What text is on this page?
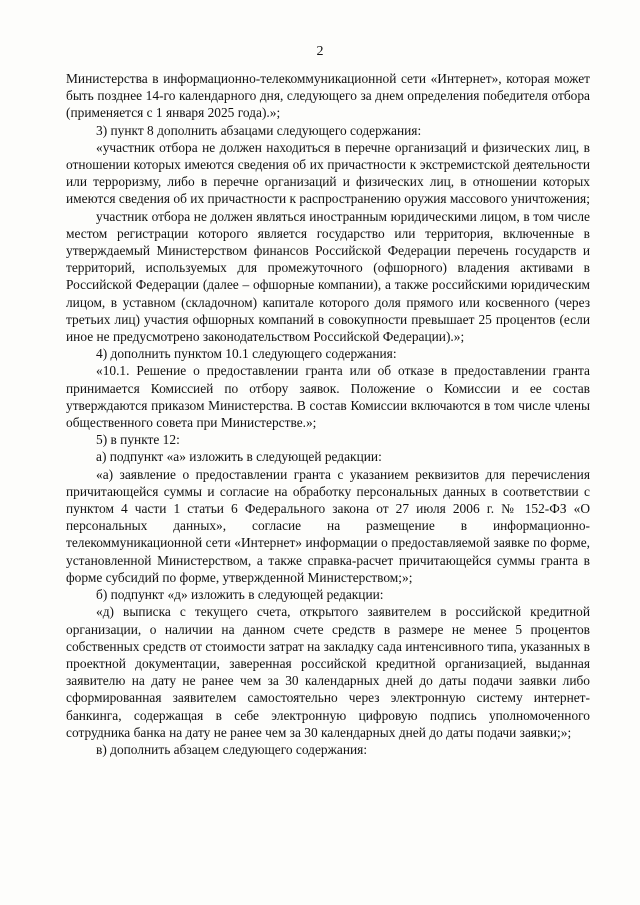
2

Министерства в информационно-телекоммуникационной сети «Интернет», которая может быть позднее 14-го календарного дня, следующего за днем определения победителя отбора (применяется с 1 января 2025 года).»;

3) пункт 8 дополнить абзацами следующего содержания:

«участник отбора не должен находиться в перечне организаций и физических лиц, в отношении которых имеются сведения об их причастности к экстремистской деятельности или терроризму, либо в перечне организаций и физических лиц, в отношении которых имеются сведения об их причастности к распространению оружия массового уничтожения;

участник отбора не должен являться иностранным юридическими лицом, в том числе местом регистрации которого является государство или территория, включенные в утверждаемый Министерством финансов Российской Федерации перечень государств и территорий, используемых для промежуточного (офшорного) владения активами в Российской Федерации (далее – офшорные компании), а также российскими юридическим лицом, в уставном (складочном) капитале которого доля прямого или косвенного (через третьих лиц) участия офшорных компаний в совокупности превышает 25 процентов (если иное не предусмотрено законодательством Российской Федерации).»;

4) дополнить пунктом 10.1 следующего содержания:

«10.1. Решение о предоставлении гранта или об отказе в предоставлении гранта принимается Комиссией по отбору заявок. Положение о Комиссии и ее состав утверждаются приказом Министерства. В состав Комиссии включаются в том числе члены общественного совета при Министерстве.»;

5) в пункте 12:

а) подпункт «а» изложить в следующей редакции:

«а) заявление о предоставлении гранта с указанием реквизитов для перечисления причитающейся суммы и согласие на обработку персональных данных в соответствии с пунктом 4 части 1 статьи 6 Федерального закона от 27 июля 2006 г. № 152-ФЗ «О персональных данных», согласие на размещение в информационно-телекоммуникационной сети «Интернет» информации о предоставляемой заявке по форме, установленной Министерством, а также справка-расчет причитающейся суммы гранта в форме субсидий по форме, утвержденной Министерством;»;

б) подпункт «д» изложить в следующей редакции:

«д) выписка с текущего счета, открытого заявителем в российской кредитной организации, о наличии на данном счете средств в размере не менее 5 процентов собственных средств от стоимости затрат на закладку сада интенсивного типа, указанных в проектной документации, заверенная российской кредитной организацией, выданная заявителю на дату не ранее чем за 30 календарных дней до даты подачи заявки либо сформированная заявителем самостоятельно через электронную систему интернет-банкинга, содержащая в себе электронную цифровую подпись уполномоченного сотрудника банка на дату не ранее чем за 30 календарных дней до даты подачи заявки;»;

в) дополнить абзацем следующего содержания:
